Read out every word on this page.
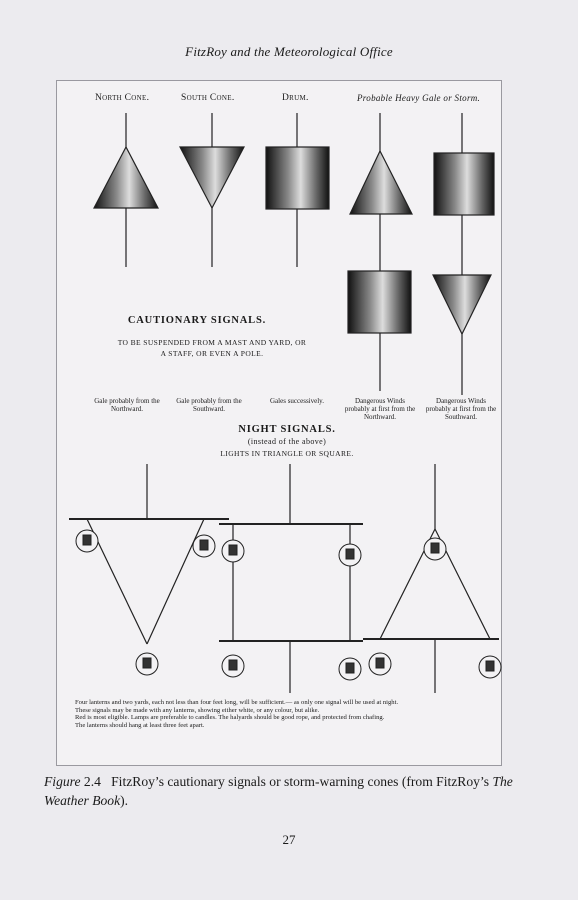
FitzRoy and the Meteorological Office
North Cone.	South Cone.	Drum.	Probable Heavy Gale or Storm.
CAUTIONARY SIGNALS.
TO BE SUSPENDED FROM A MAST AND YARD, OR
A STAFF, OR EVEN A POLE.
Gale probably from the Northward.
Gale probably from the Southward.
Gales successively.	Dangerous Winds probably at first from the Northward.
Dangerous Winds probably at first from the Southward.
NIGHT SIGNALS.
(instead of the above)
LIGHTS IN TRIANGLE OR SQUARE.
Four lanterns and two yards, each not less than four feet long, will be sufficient.— as only one signal will be used at night.
These signals may be made with any lanterns, showing either white, or any colour, but alike.
Red is most eligible. Lamps are preferable to candles. The halyards should be good rope, and protected from chafing.
The lanterns should hang at least three feet apart.
Figure 2.4 FitzRoy’s cautionary signals or storm-warning cones (from FitzRoy’s The Weather Book).
27
